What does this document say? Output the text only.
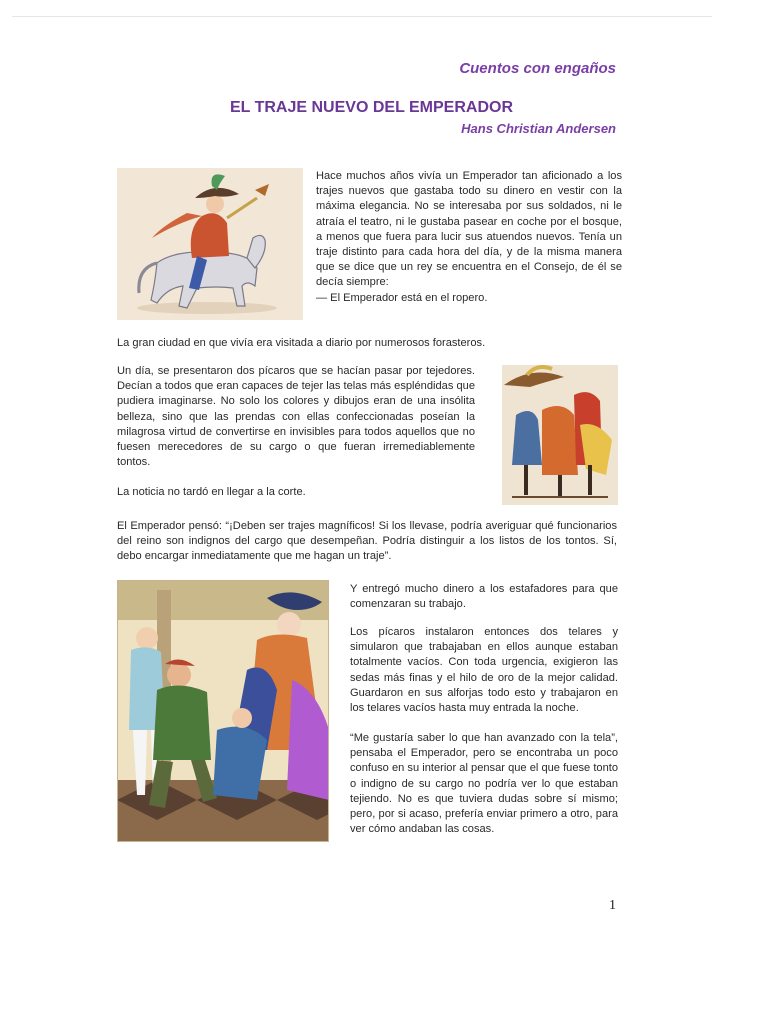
Cuentos con engaños
EL TRAJE NUEVO DEL EMPERADOR
Hans Christian Andersen
Hace muchos años vivía un Emperador tan aficionado a los trajes nuevos que gastaba todo su dinero en vestir con la máxima elegancia. No se interesaba por sus soldados, ni le atraía el teatro, ni le gustaba pasear en coche por el bosque, a menos que fuera para lucir sus atuendos nuevos. Tenía un traje distinto para cada hora del día, y de la misma manera que se dice que un rey se encuentra en el Consejo, de él se decía siempre:
— El Emperador está en el ropero.
La gran ciudad en que vivía era visitada a diario por numerosos forasteros.
Un día, se presentaron dos pícaros que se hacían pasar por tejedores. Decían a todos que eran capaces de tejer las telas más espléndidas que pudiera imaginarse. No solo los colores y dibujos eran de una insólita belleza, sino que las prendas con ellas confeccionadas poseían la milagrosa virtud de convertirse en invisibles para todos aquellos que no fuesen merecedores de su cargo o que fueran irremediablemente tontos.
La noticia no tardó en llegar a la corte.
El Emperador pensó: “¡Deben ser trajes magníficos! Si los llevase, podría averiguar qué funcionarios del reino son indignos del cargo que desempeñan. Podría distinguir a los listos de los tontos. Sí, debo encargar inmediatamente que me hagan un traje”.
Y entregó mucho dinero a los estafadores para que comenzaran su trabajo.
Los pícaros instalaron entonces dos telares y simularon que trabajaban en ellos aunque estaban totalmente vacíos. Con toda urgencia, exigieron las sedas más finas y el hilo de oro de la mejor calidad. Guardaron en sus alforjas todo esto y trabajaron en los telares vacíos hasta muy entrada la noche.
“Me gustaría saber lo que han avanzado con la tela”, pensaba el Emperador, pero se encontraba un poco confuso en su interior al pensar que el que fuese tonto o indigno de su cargo no podría ver lo que estaban tejiendo. No es que tuviera dudas sobre sí mismo; pero, por si acaso, prefería enviar primero a otro, para ver cómo andaban las cosas.
1
